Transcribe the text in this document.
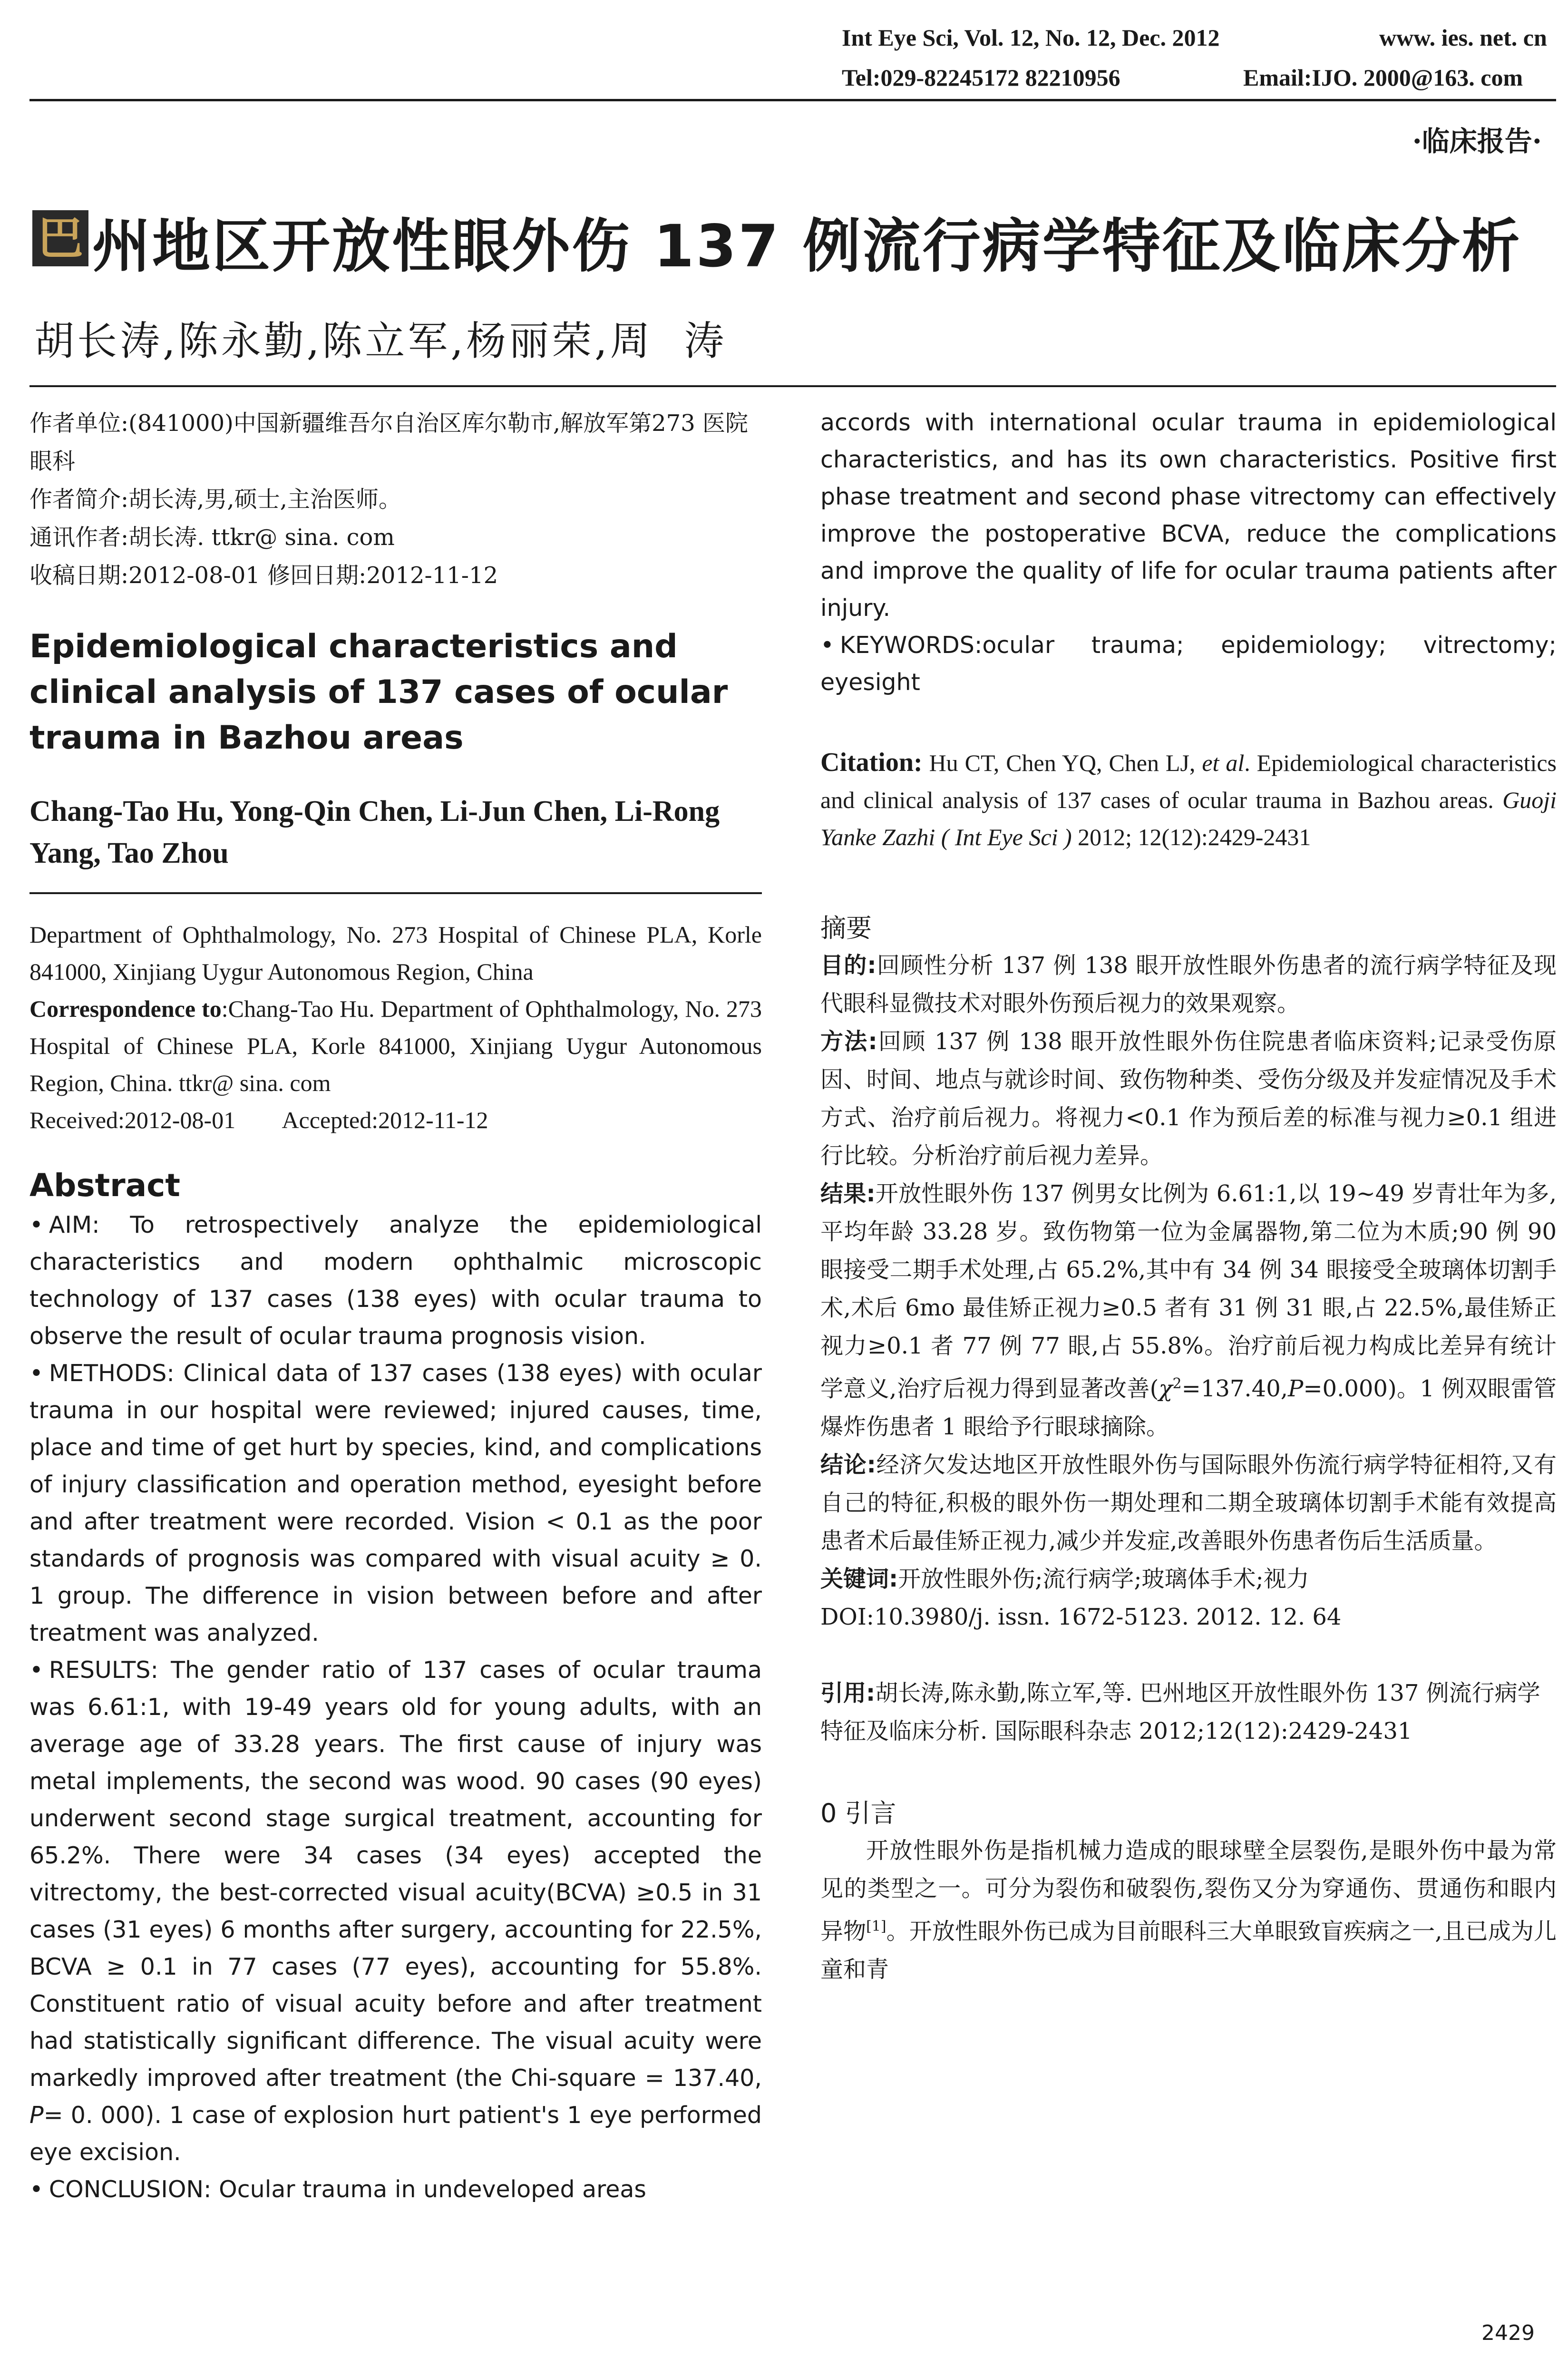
Int Eye Sci, Vol. 12, No. 12, Dec. 2012	www. ies. net. cn
Tel:029-82245172 82210956	Email:IJO. 2000@163. com
·临床报告·
巴 州地区开放性眼外伤 137 例流行病学特征及临床分析
胡长涛,陈永勤,陈立军,杨丽荣,周  涛

作者单位:(841000)中国新疆维吾尔自治区库尔勒市,解放军第273 医院眼科

作者简介:胡长涛,男,硕士,主治医师。

通讯作者:胡长涛. ttkr@ sina. com

收稿日期:2012-08-01 修回日期:2012-11-12

Epidemiological characteristics and clinical analysis of 137 cases of ocular trauma in Bazhou areas
Chang-Tao Hu, Yong-Qin Chen, Li-Jun Chen, Li-Rong Yang, Tao Zhou
Department of Ophthalmology, No. 273 Hospital of Chinese PLA, Korle 841000, Xinjiang Uygur Autonomous Region, China
Correspondence to:Chang-Tao Hu. Department of Ophthalmology, No. 273 Hospital of Chinese PLA, Korle 841000, Xinjiang Uygur Autonomous Region, China. ttkr@ sina. com
Received:2012-08-01        Accepted:2012-11-12
Abstract

• AIM: To retrospectively analyze the epidemiological characteristics and modern ophthalmic microscopic technology of 137 cases (138 eyes) with ocular trauma to observe the result of ocular trauma prognosis vision.

• METHODS: Clinical data of 137 cases (138 eyes) with ocular trauma in our hospital were reviewed; injured causes, time, place and time of get hurt by species, kind, and complications of injury classification and operation method, eyesight before and after treatment were recorded. Vision < 0.1 as the poor standards of prognosis was compared with visual acuity ≥ 0. 1 group. The difference in vision between before and after treatment was analyzed.

• RESULTS: The gender ratio of 137 cases of ocular trauma was 6.61:1, with 19-49 years old for young adults, with an average age of 33.28 years. The first cause of injury was metal implements, the second was wood. 90 cases (90 eyes) underwent second stage surgical treatment, accounting for 65.2%. There were 34 cases (34 eyes) accepted the vitrectomy, the best-corrected visual acuity(BCVA) ≥0.5 in 31 cases (31 eyes) 6 months after surgery, accounting for 22.5%, BCVA ≥ 0.1 in 77 cases (77 eyes), accounting for 55.8%. Constituent ratio of visual acuity before and after treatment had statistically significant difference. The visual acuity were markedly improved after treatment (the Chi-square = 137.40, P= 0. 000). 1 case of explosion hurt patient's 1 eye performed eye excision.

• CONCLUSION: Ocular trauma in undeveloped areas

accords with international ocular trauma in epidemiological characteristics, and has its own characteristics. Positive first phase treatment and second phase vitrectomy can effectively improve the postoperative BCVA, reduce the complications and improve the quality of life for ocular trauma patients after injury.

• KEYWORDS:ocular trauma; epidemiology; vitrectomy; eyesight

Citation: Hu CT, Chen YQ, Chen LJ, et al. Epidemiological characteristics and clinical analysis of 137 cases of ocular trauma in Bazhou areas. Guoji Yanke Zazhi ( Int Eye Sci ) 2012; 12(12):2429-2431
摘要

目的:回顾性分析 137 例 138 眼开放性眼外伤患者的流行病学特征及现代眼科显微技术对眼外伤预后视力的效果观察。

方法:回顾 137 例 138 眼开放性眼外伤住院患者临床资料;记录受伤原因、时间、地点与就诊时间、致伤物种类、受伤分级及并发症情况及手术方式、治疗前后视力。将视力<0.1 作为预后差的标准与视力≥0.1 组进行比较。分析治疗前后视力差异。

结果:开放性眼外伤 137 例男女比例为 6.61:1,以 19~49 岁青壮年为多,平均年龄 33.28 岁。致伤物第一位为金属器物,第二位为木质;90 例 90 眼接受二期手术处理,占 65.2%,其中有 34 例 34 眼接受全玻璃体切割手术,术后 6mo 最佳矫正视力≥0.5 者有 31 例 31 眼,占 22.5%,最佳矫正视力≥0.1 者 77 例 77 眼,占 55.8%。治疗前后视力构成比差异有统计学意义,治疗后视力得到显著改善$(\chi^2=137.40,P=0.000)$。1 例双眼雷管爆炸伤患者 1 眼给予行眼球摘除。

结论:经济欠发达地区开放性眼外伤与国际眼外伤流行病学特征相符,又有自己的特征,积极的眼外伤一期处理和二期全玻璃体切割手术能有效提高患者术后最佳矫正视力,减少并发症,改善眼外伤患者伤后生活质量。

关键词:开放性眼外伤;流行病学;玻璃体手术;视力

DOI:10.3980/j. issn. 1672-5123. 2012. 12. 64

引用:胡长涛,陈永勤,陈立军,等. 巴州地区开放性眼外伤 137 例流行病学特征及临床分析. 国际眼科杂志 2012;12(12):2429-2431
0 引言
开放性眼外伤是指机械力造成的眼球壁全层裂伤,是眼外伤中最为常见的类型之一。可分为裂伤和破裂伤,裂伤又分为穿通伤、贯通伤和眼内异物[1]。开放性眼外伤已成为目前眼科三大单眼致盲疾病之一,且已成为儿童和青
2429
